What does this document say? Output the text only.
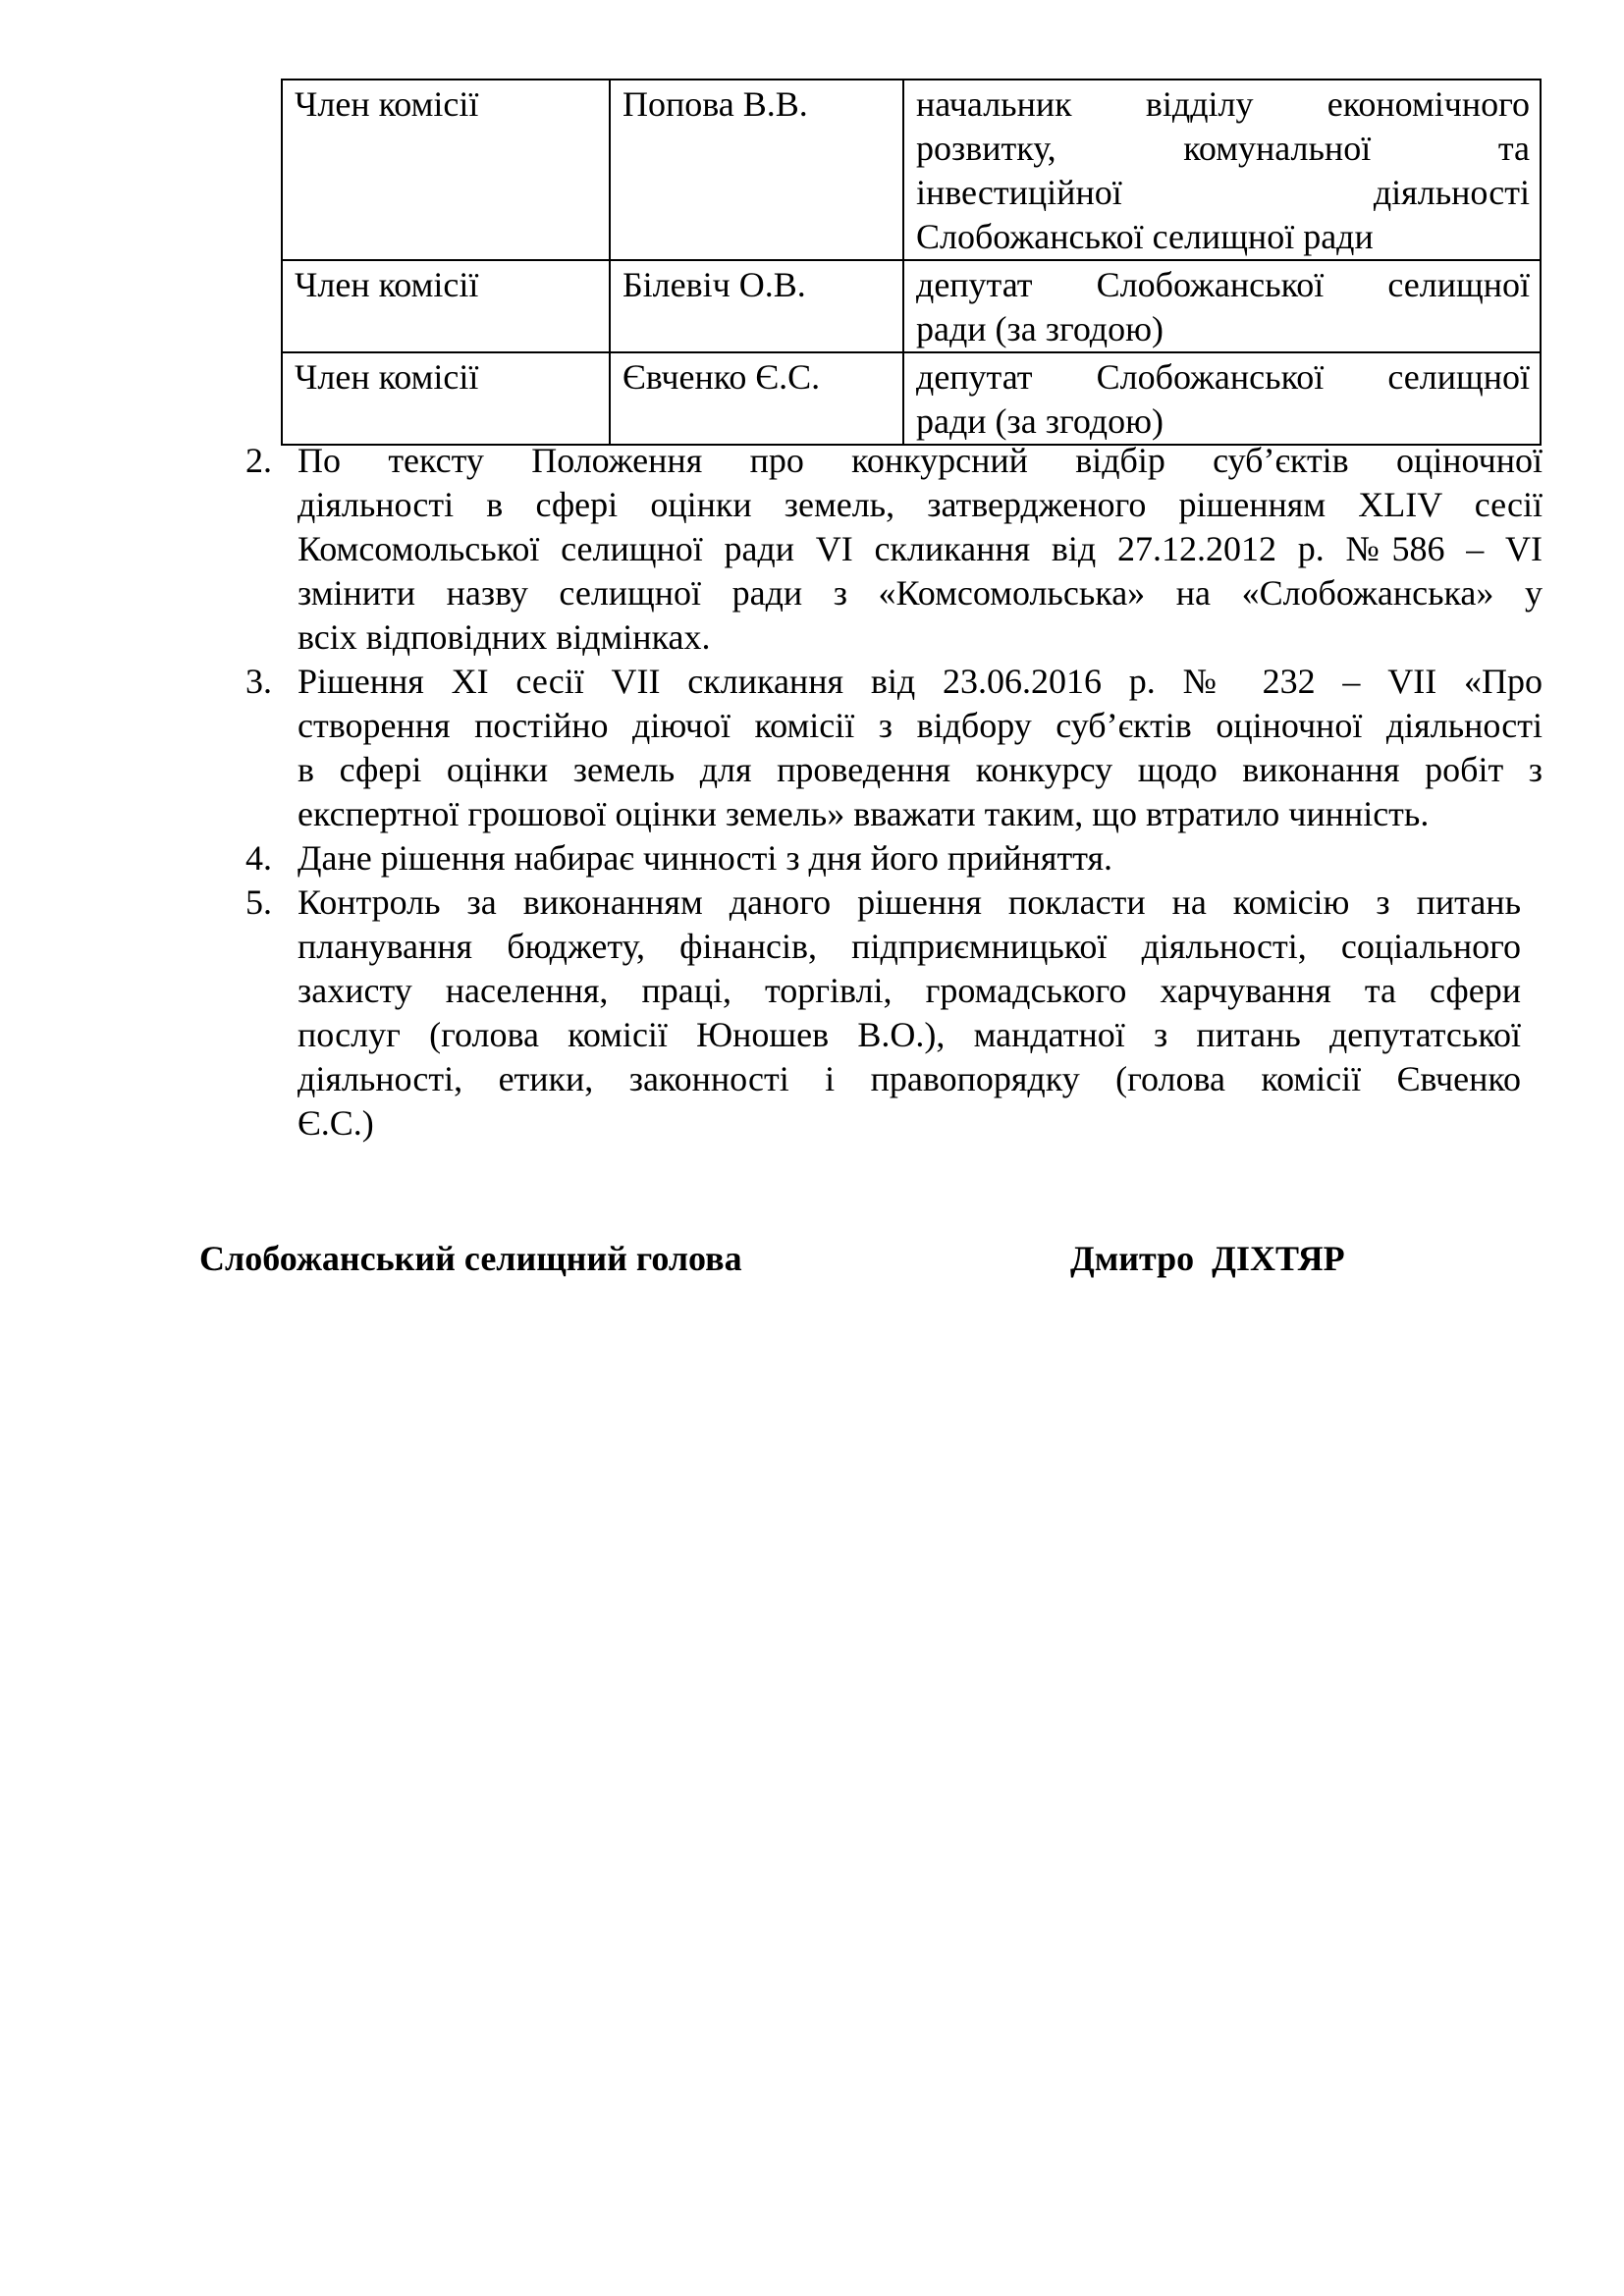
Член комісії	Попова В.В.	начальник відділу економічного
розвитку, комунальної та
інвестиційної діяльності
Слобожанської селищної ради

Член комісії	Білевіч О.В.	депутат Слобожанської селищної
ради (за згодою)

Член комісії	Євченко Є.С.	депутат Слобожанської селищної
ради (за згодою)
2. По тексту Положення про конкурсний відбір суб’єктів оціночної
діяльності в сфері оцінки земель, затвердженого рішенням XLIV сесії
Комсомольської селищної ради VI скликання від 27.12.2012 р. №586 – VI
змінити назву селищної ради з «Комсомольська» на «Слобожанська» у
всіх відповідних відмінках.
3. Рішення XI сесії VII скликання від 23.06.2016 р. № 232 – VII «Про
створення постійно діючої комісії з відбору суб’єктів оціночної діяльності
в сфері оцінки земель для проведення конкурсу щодо виконання робіт з
експертної грошової оцінки земель» вважати таким, що втратило чинність.
4. Дане рішення набирає чинності з дня його прийняття.
5. Контроль за виконанням даного рішення покласти на комісію з питань
планування бюджету, фінансів, підприємницької діяльності, соціального
захисту населення, праці, торгівлі, громадського харчування та сфери
послуг (голова комісії Юношев В.О.), мандатної з питань депутатської
діяльності, етики, законності і правопорядку (голова комісії Євченко
Є.С.)
Слобожанський селищний голова	Дмитро  ДІХТЯР
